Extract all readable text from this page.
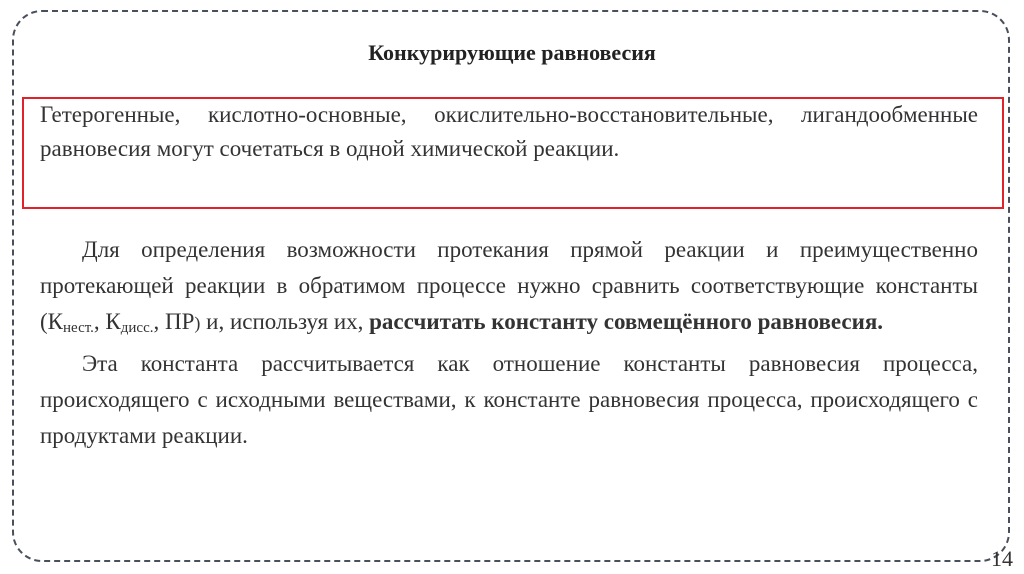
Конкурирующие равновесия
Гетерогенные, кислотно-основные, окислительно-восстановительные, лигандообменные равновесия могут сочетаться в одной химической реакции.

Для определения возможности протекания прямой реакции и преимущественно протекающей реакции в обратимом процессе нужно сравнить соответствующие константы ($К_{нест.}$, $К_{дисс.}$, ПР) и, используя их, рассчитать константу совмещённого равновесия.

Эта константа рассчитывается как отношение константы равновесия процесса, происходящего с исходными веществами, к константе равновесия процесса, происходящего с продуктами реакции.

14
